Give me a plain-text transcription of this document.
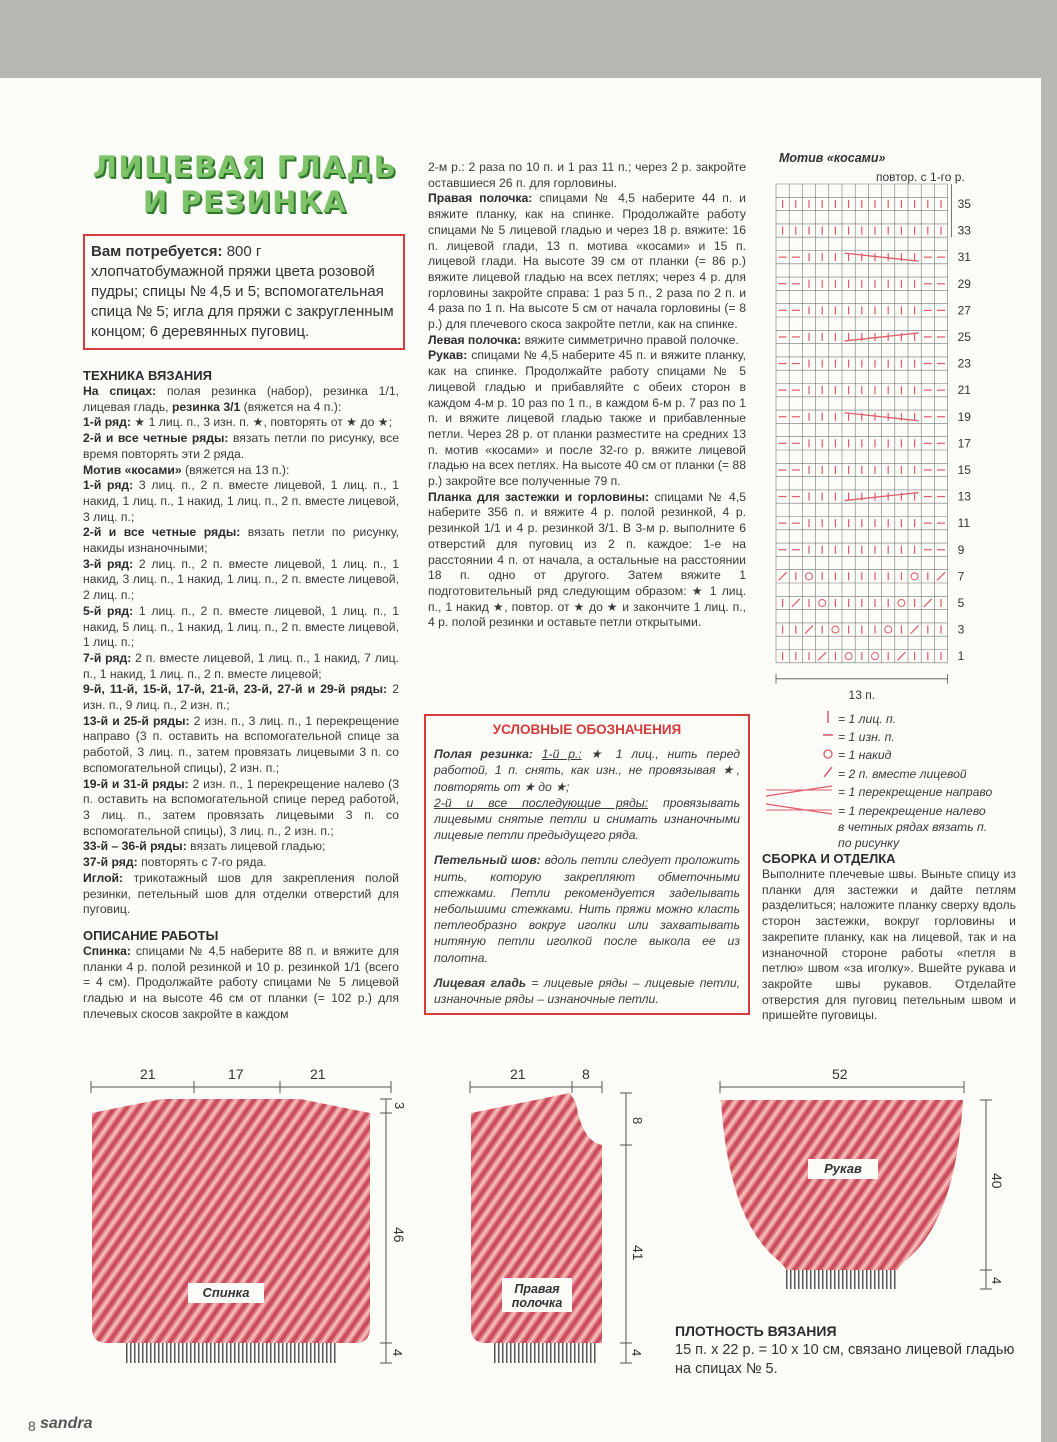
ЛИЦЕВАЯ ГЛАДЬ
И РЕЗИНКА
Вам потребуется: 800 г хлопчатобумажной пряжи цвета розовой пудры; спицы № 4,5 и 5; вспомогательная спица № 5; игла для пряжи с закругленным концом; 6 деревянных пуговиц.

ТЕХНИКА ВЯЗАНИЯ

На спицах: полая резинка (набор), резинка 1/1, лицевая гладь,

резинка 3/1 (вяжется на 4 п.):

1-й ряд: ★ 1 лиц. п., 3 изн. п. ★, повторять от ★ до ★;

2-й и все четные ряды: вязать петли по рисунку, все время повторять эти 2 ряда.

Мотив «косами» (вяжется на 13 п.):

1-й ряд: 3 лиц. п., 2 п. вместе лицевой, 1 лиц. п., 1 накид, 1 лиц. п., 1 накид, 1 лиц. п., 2 п. вместе лицевой, 3 лиц. п.;

2-й и все четные ряды: вязать петли по рисунку, накиды изнаночными;

3-й ряд: 2 лиц. п., 2 п. вместе лицевой, 1 лиц. п., 1 накид, 3 лиц. п., 1 накид, 1 лиц. п., 2 п. вместе лицевой, 2 лиц. п.;

5-й ряд: 1 лиц. п., 2 п. вместе лицевой, 1 лиц. п., 1 накид, 5 лиц. п., 1 накид, 1 лиц. п., 2 п. вместе лицевой, 1 лиц. п.;

7-й ряд: 2 п. вместе лицевой, 1 лиц. п., 1 накид, 7 лиц. п., 1 накид, 1 лиц. п., 2 п. вместе лицевой;

9-й, 11-й, 15-й, 17-й, 21-й, 23-й, 27-й и 29-й ряды: 2 изн. п., 9 лиц. п., 2 изн. п.;

13-й и 25-й ряды: 2 изн. п., 3 лиц. п., 1 перекрещение направо (3 п. оставить на вспомогательной спице за работой, 3 лиц. п., затем провязать лицевыми 3 п. со вспомогательной спицы), 2 изн. п.;

19-й и 31-й ряды: 2 изн. п., 1 перекрещение налево (3 п. оставить на вспомогательной спице перед работой, 3 лиц. п., затем провязать лицевыми 3 п. со вспомогательной спицы), 3 лиц. п., 2 изн. п.;

33-й – 36-й ряды: вязать лицевой гладью;

37-й ряд: повторять с 7-го ряда.

Иглой: трикотажный шов для закрепления полой резинки, петельный шов для отделки отверстий для пуговиц.

ОПИСАНИЕ РАБОТЫ

Спинка: спицами № 4,5 наберите 88 п. и вяжите для планки 4 р. полой резинкой и 10 р. резинкой 1/1 (всего = 4 см). Продолжайте работу спицами № 5 лицевой гладью и на высоте 46 см от планки (= 102 р.) для плечевых скосов закройте в каждом

2-м р.: 2 раза по 10 п. и 1 раз 11 п.; через 2 р. закройте оставшиеся 26 п. для горловины.

Правая полочка: спицами № 4,5 наберите 44 п. и вяжите планку, как на спинке. Продолжайте работу спицами № 5 лицевой гладью и через 18 р. вяжите: 16 п. лицевой глади, 13 п. мотива «косами» и 15 п. лицевой глади. На высоте 39 см от планки (= 86 р.) вяжите лицевой гладью на всех петлях; через 4 р. для горловины закройте справа: 1 раз 5 п., 2 раза по 2 п. и 4 раза по 1 п. На высоте 5 см от начала горловины (= 8 р.) для плечевого скоса закройте петли, как на спинке.

Левая полочка: вяжите симметрично правой полочке.

Рукав: спицами № 4,5 наберите 45 п. и вяжите планку, как на спинке. Продолжайте работу спицами № 5 лицевой гладью и прибавляйте с обеих сторон в каждом 4-м р. 10 раз по 1 п., в каждом 6-м р. 7 раз по 1 п. и вяжите лицевой гладью также и прибавленные петли. Через 28 р. от планки разместите на средних 13 п. мотив «косами» и после 32-го р. вяжите лицевой гладью на всех петлях. На высоте 40 см от планки (= 88 р.) закройте все полученные 79 п.

Планка для застежки и горловины: спицами № 4,5 наберите 356 п. и вяжите 4 р. полой резинкой, 4 р. резинкой 1/1 и 4 р. резинкой 3/1. В 3-м р. выполните 6 отверстий для пуговиц из 2 п. каждое: 1-е на расстоянии 4 п. от начала, а остальные на расстоянии 18 п. одно от другого. Затем вяжите 1 подготовительный ряд следующим образом: ★ 1 лиц. п., 1 накид ★, повтор. от ★ до ★ и закончите 1 лиц. п., 4 р. полой резинки и оставьте петли открытыми.

УСЛОВНЫЕ ОБОЗНАЧЕНИЯ

Полая резинка: 1-й р.: ★ 1 лиц., нить перед работой, 1 п. снять, как изн., не провязывая ★, повторять от ★ до ★;
2-й и все последующие ряды: провязывать лицевыми снятые петли и снимать изнаночными лицевые петли предыдущего ряда.

Петельный шов: вдоль петли следует проложить нить, которую закрепляют обметочными стежками. Петли рекомендуется заделывать небольшими стежками. Нить пряжи можно класть петлеобразно вокруг иголки или захватывать нитяную петли иголкой после выкола ее из полотна.

Лицевая гладь = лицевые ряды – лицевые петли, изнаночные ряды – изнаночные петли.

Мотив «косами»
повтор. с 1-го р.
35
33
31
29
27
25
23
21
19
17
15
13
11
9
7
5
3
1
13 п.
= 1 лиц. п.
= 1 изн. п.
= 1 накид
= 2 п. вместе лицевой
= 1 перекрещение направо
= 1 перекрещение налево
в четных рядах вязать п.
по рисунку

СБОРКА И ОТДЕЛКА

Выполните плечевые швы. Выньте спицу из планки для застежки и дайте петлям разделиться; наложите планку сверху вдоль сторон застежки, вокруг горловины и закрепите планку, как на лицевой, так и на изнаночной стороне работы «петля в петлю» швом «за иголку». Вшейте рукава и закройте швы рукавов. Отделайте отверстия для пуговиц петельным швом и пришейте пуговицы.

21	17	21
Спинка
3
46
4
21	8
Правая
полочка
8
41
4
52
Рукав
40
4

ПЛОТНОСТЬ ВЯЗАНИЯ

15 п. х 22 р. = 10 х 10 см, связано лицевой гладью на спицах № 5.

8 sandra
